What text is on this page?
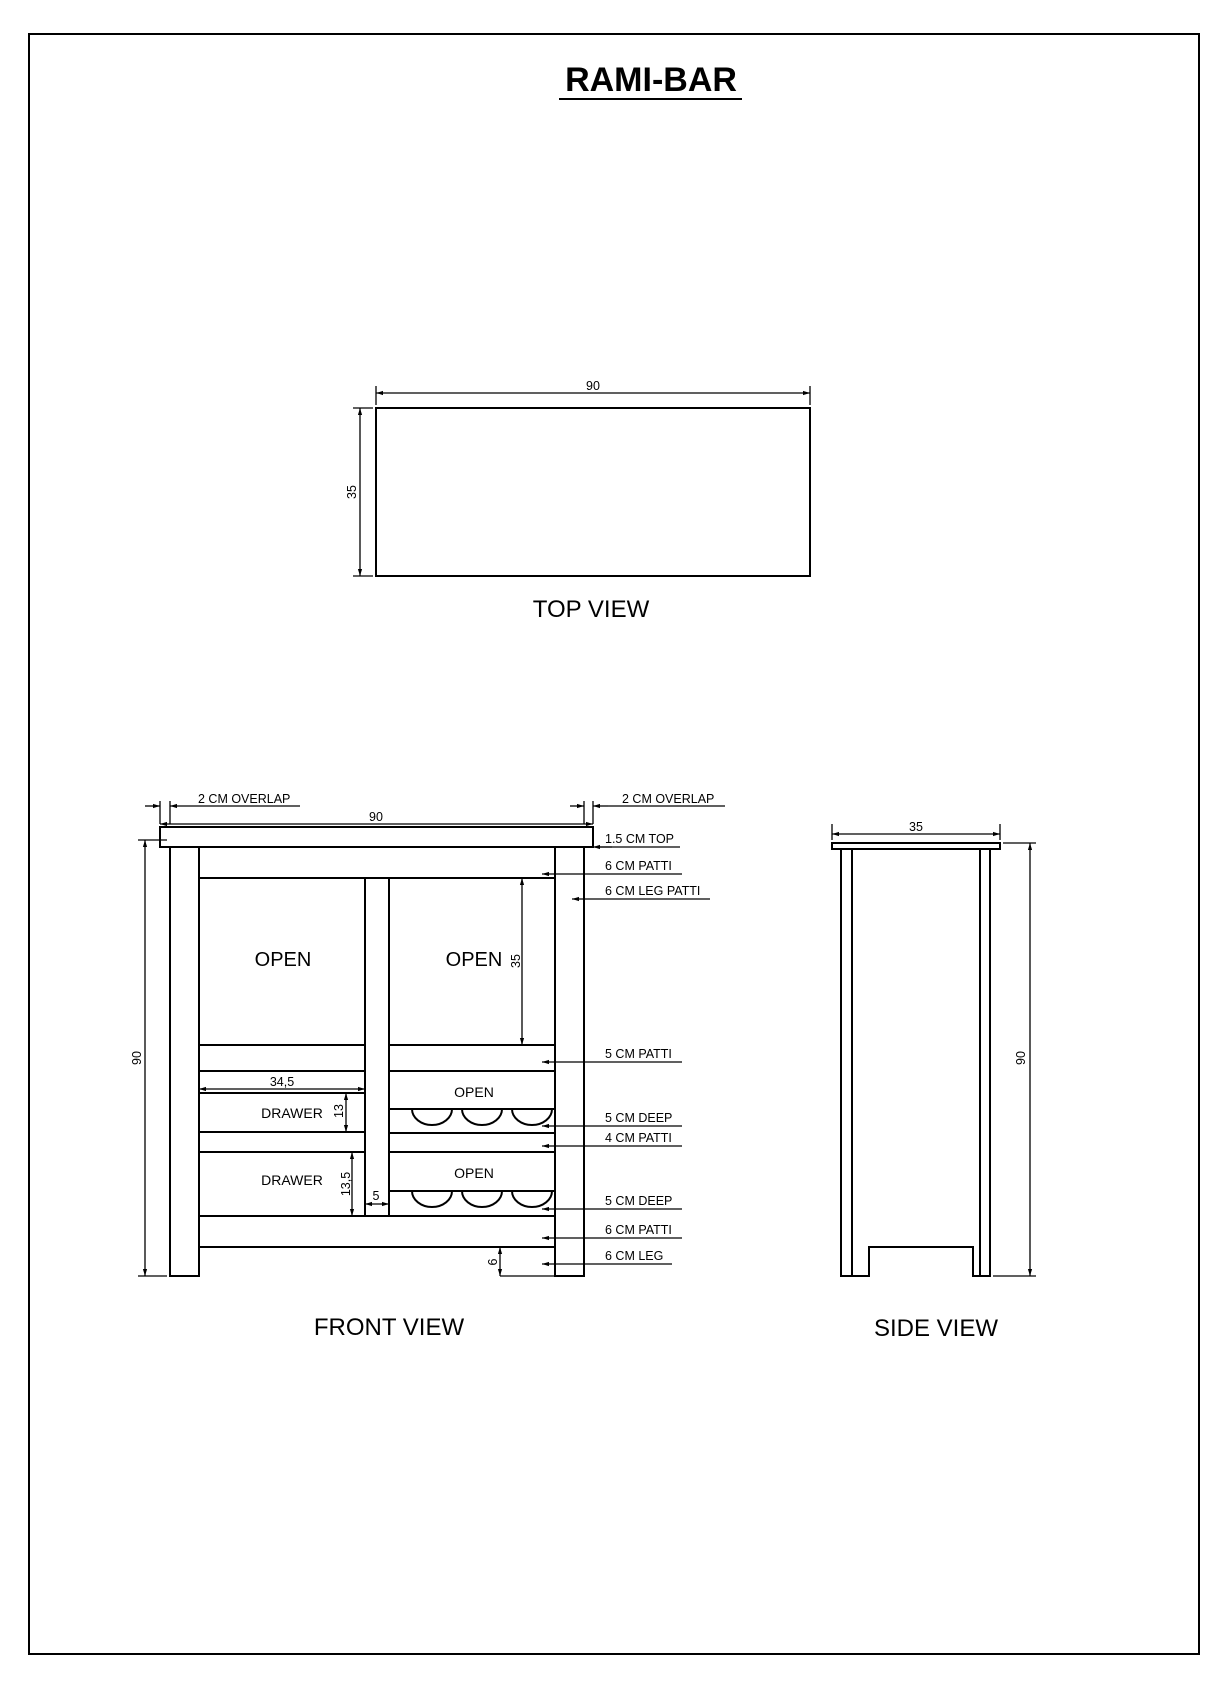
RAMI-BAR
90
35
TOP VIEW
OPEN	OPEN
DRAWER
DRAWER
OPEN
OPEN
2 CM OVERLAP	2 CM OVERLAP
90
90
35
34,5
13
13,5 5
6
1.5 CM TOP
6 CM PATTI
6 CM LEG PATTI
5 CM PATTI
5 CM DEEP
4 CM PATTI
5 CM DEEP
6 CM PATTI
6 CM LEG
FRONT VIEW
35
90
SIDE VIEW
